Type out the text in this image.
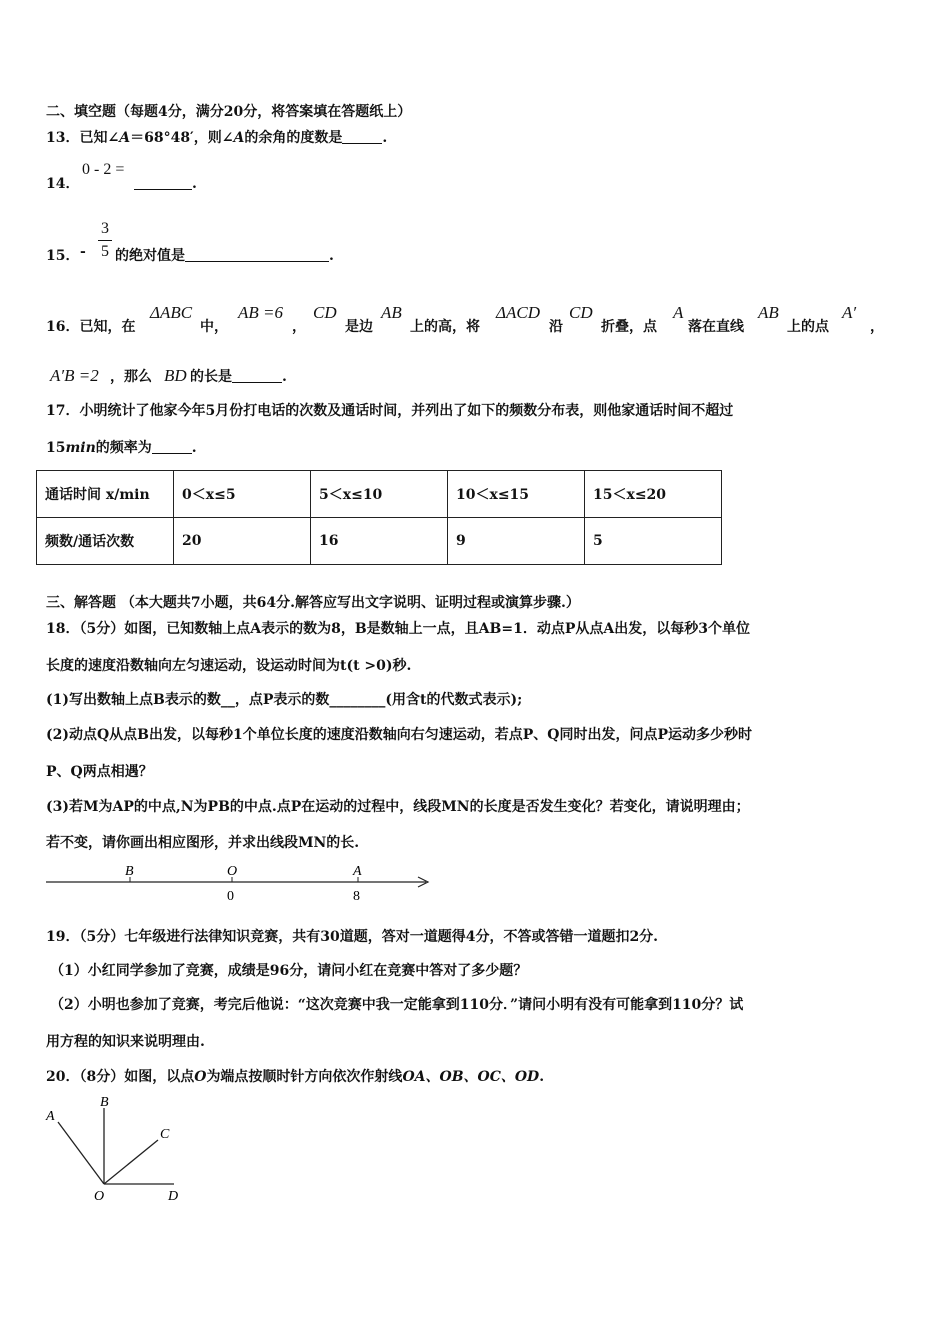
二、填空题（每题4分，满分20分，将答案填在答题纸上）
13．已知∠A＝68°48′，则∠A的余角的度数是	.
14．
0 - 2 =
.
15． -
3
5 的绝对值是	.
16．已知，在
ΔABC
中，
AB =6
，
CD
是边
AB
上的高，将
ΔACD
沿
CD
折叠，点
A
落在直线
AB
上的点
A′
，
A′B =2 ，那么 BD 的长是	.
17．小明统计了他家今年5月份打电话的次数及通话时间，并列出了如下的频数分布表，则他家通话时间不超过
15min的频率为	.
通话时间 x/min	0＜x≤5	5＜x≤10	10＜x≤15	15＜x≤20
频数/通话次数	20	16	9	5
三、解答题 （本大题共7小题，共64分.解答应写出文字说明、证明过程或演算步骤.）
18．（5分）如图，已知数轴上点A表示的数为8，B是数轴上一点，且AB=1．动点P从点A出发，以每秒3个单位
长度的速度沿数轴向左匀速运动，设运动时间为t(t >0)秒.
(1)写出数轴上点B表示的数__，点P表示的数________(用含t的代数式表示);
(2)动点Q从点B出发，以每秒1个单位长度的速度沿数轴向右匀速运动，若点P、Q同时出发，问点P运动多少秒时
P、Q两点相遇？
(3)若M为AP的中点,N为PB的中点.点P在运动的过程中，线段MN的长度是否发生变化？若变化，请说明理由；
若不变，请你画出相应图形，并求出线段MN的长.
B	O	A
0	8
19．（5分）七年级进行法律知识竞赛，共有30道题，答对一道题得4分，不答或答错一道题扣2分.
（1）小红同学参加了竞赛，成绩是96分，请问小红在竞赛中答对了多少题？
（2）小明也参加了竞赛，考完后他说：“这次竞赛中我一定能拿到110分．”请问小明有没有可能拿到110分？试
用方程的知识来说明理由.
20．（8分）如图，以点O为端点按顺时针方向依次作射线OA、OB、OC、OD.
A
B
C
O	D
